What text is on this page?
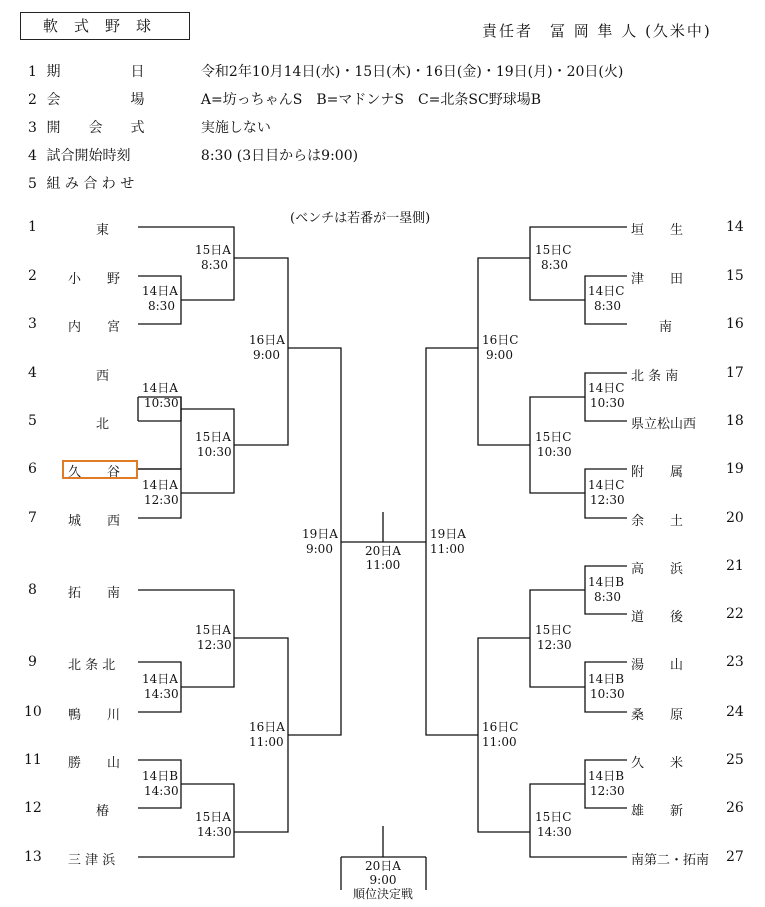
軟式野球	責任者　冨 岡 隼 人 (久米中)
1 期　　　　　日	令和2年10月14日(水)・15日(木)・16日(金)・19日(月)・20日(火)
2 会　　　　　場	A=坊っちゃんS　B=マドンナS　C=北条SC野球場B
3 開　　会　　式	実施しない
4 試合開始時刻	8:30 (3日目からは9:00)
5 組 み 合 わ せ
(ベンチは若番が一塁側)
1	東
2 小　　野
3 内　　宮
4	西
5	北
6 久　　谷
7 城　　西
8 拓　　南
9 北 条 北
10 鴨　　川
11 勝　　山
12	椿
13 三 津 浜
垣　　生	14
津　　田	15
南	16
北 条 南	17
県立松山西 18
附　　属	19
余　　土	20
高　　浜	21
道　　後	22
湯　　山	23
桑　　原	24
久　　米	25
雄　　新	26
南第二・拓南 27
14日A
8:30
15日A
8:30
14日A
10:30
14日A
12:30
15日A
10:30
16日A
9:00
14日A
14:30
15日A
12:30
14日B
14:30
15日A
14:30
16日A
11:00
19日A
9:00
14日C
8:30
15日C
8:30
14日C
10:30
14日C
12:30
15日C
10:30
16日C
9:00
14日B
8:30
14日B
10:30
15日C
12:30
14日B
12:30
15日C
14:30
16日C
11:00
19日A
11:00
20日A
11:00
20日A
9:00
順位決定戦
